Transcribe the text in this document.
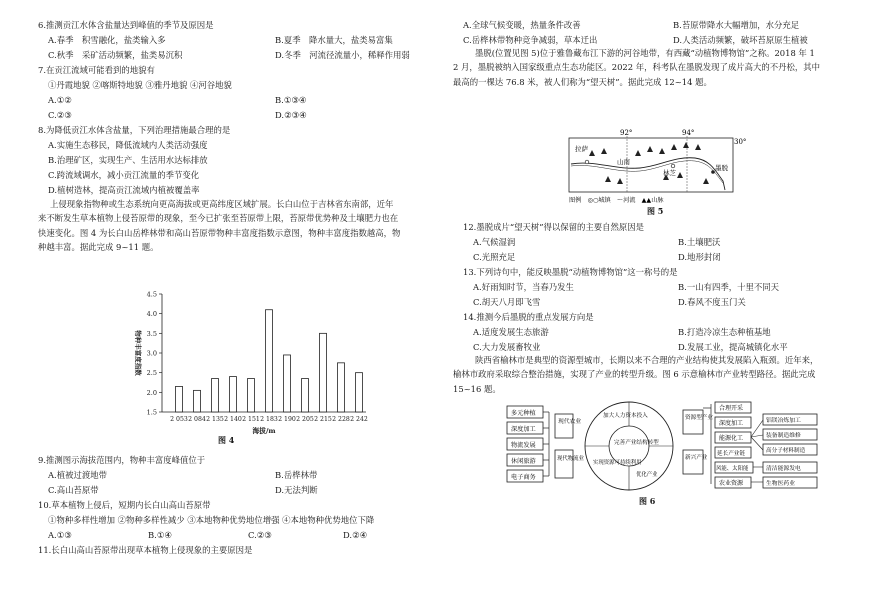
6.推测贡江水体含盐量达到峰值的季节及原因是
A.春季　积雪融化，盐类输入多	B.夏季　降水量大，盐类易富集
C.秋季　采矿活动频繁，盐类易沉积	D.冬季　河流径流量小，稀释作用弱
7.在贡江流域可能看到的地貌有
①丹霞地貌 ②喀斯特地貌 ③雅丹地貌 ④河谷地貌
A.①②	B.①③④
C.②③	D.②③④
8.为降低贡江水体含盐量，下列治理措施最合理的是
A.实施生态移民，降低流域内人类活动强度
B.治理矿区，实现生产、生活用水达标排放
C.跨流域调水，减小贡江流量的季节变化
D.植树造林，提高贡江流域内植被覆盖率
上侵现象指物种或生态系统向更高海拔或更高纬度区域扩展。长白山位于吉林省东南部，近年
来不断发生草本植物上侵苔原带的现象，至今已扩张至苔原带上限，苔原带优势种及土壤肥力也在
快速变化。图 4 为长白山岳桦林带和高山苔原带物种丰富度指数示意图，物种丰富度指数越高，物
种越丰富。据此完成 9~11 题。
1.5
2.0
2.5
3.0
3.5
4.0
4.5
2 053 2 084 2 135 2 140 2 151 2 183 2 190 2 205 2 215 2 228 2 242
海拔/m
物种丰富度指数
图 4
9.推测图示海拔范围内，物种丰富度峰值位于
A.植被过渡地带	B.岳桦林带
C.高山苔原带	D.无法判断
10.草本植物上侵后，短期内长白山高山苔原带
①物种多样性增加 ②物种多样性减少 ③本地物种优势地位增强 ④本地物种优势地位下降
A.①③	B.①④	C.②③	D.②④
11.长白山高山苔原带出现草本植物上侵现象的主要原因是
A.全球气候变暖，热量条件改善	B.苔原带降水大幅增加，水分充足
C.岳桦林带物种竞争减弱，草本迁出	D.人类活动频繁，破坏苔原原生植被
墨脱(位置见图 5)位于雅鲁藏布江下游的河谷地带，有西藏“动植物博物馆”之称。2018 年 1
2 月，墨脱被纳入国家级重点生态功能区。2022 年，科考队在墨脱发现了成片高大的不丹松，其中
最高的一棵达 76.8 米，被人们称为“望天树”。据此完成 12~14 题。
92°	94°
30°
拉萨
山南
林芝
墨脱
图例　◎○城镇　〜河流　▲▲山脉
图 5
12.墨脱成片“望天树”得以保留的主要自然原因是
A.气候湿润	B.土壤肥沃
C.光照充足	D.地形封闭
13.下列诗句中，能反映墨脱“动植物博物馆”这一称号的是
A.好雨知时节，当春乃发生	B.一山有四季，十里不同天
C.胡天八月即飞雪	D.春风不度玉门关
14.推测今后墨脱的重点发展方向是
A.适度发展生态旅游	B.打造冷凉生态种植基地
C.大力发展畜牧业	D.发展工业，提高城镇化水平
陕西省榆林市是典型的资源型城市，长期以来不合理的产业结构使其发展陷入瓶颈。近年来，
榆林市政府采取综合整治措施，实现了产业的转型升级。图 6 示意榆林市产业转型路径。据此完成
15~16 题。
多元种植
深度加工
物流发展
休闲旅游
电子商务
现代农业
现代物流业
加大人力资本投入
实现资源可持续利用
优化产业
完善产业结构转型
资源型产业
新兴产业
合理开采
深度加工
能源化工
延长产业链
风能、太阳能
农业资源
铝镁冶炼加工
装备制造维修
高分子材料制造
清洁能源发电
生物医药业
图 6
